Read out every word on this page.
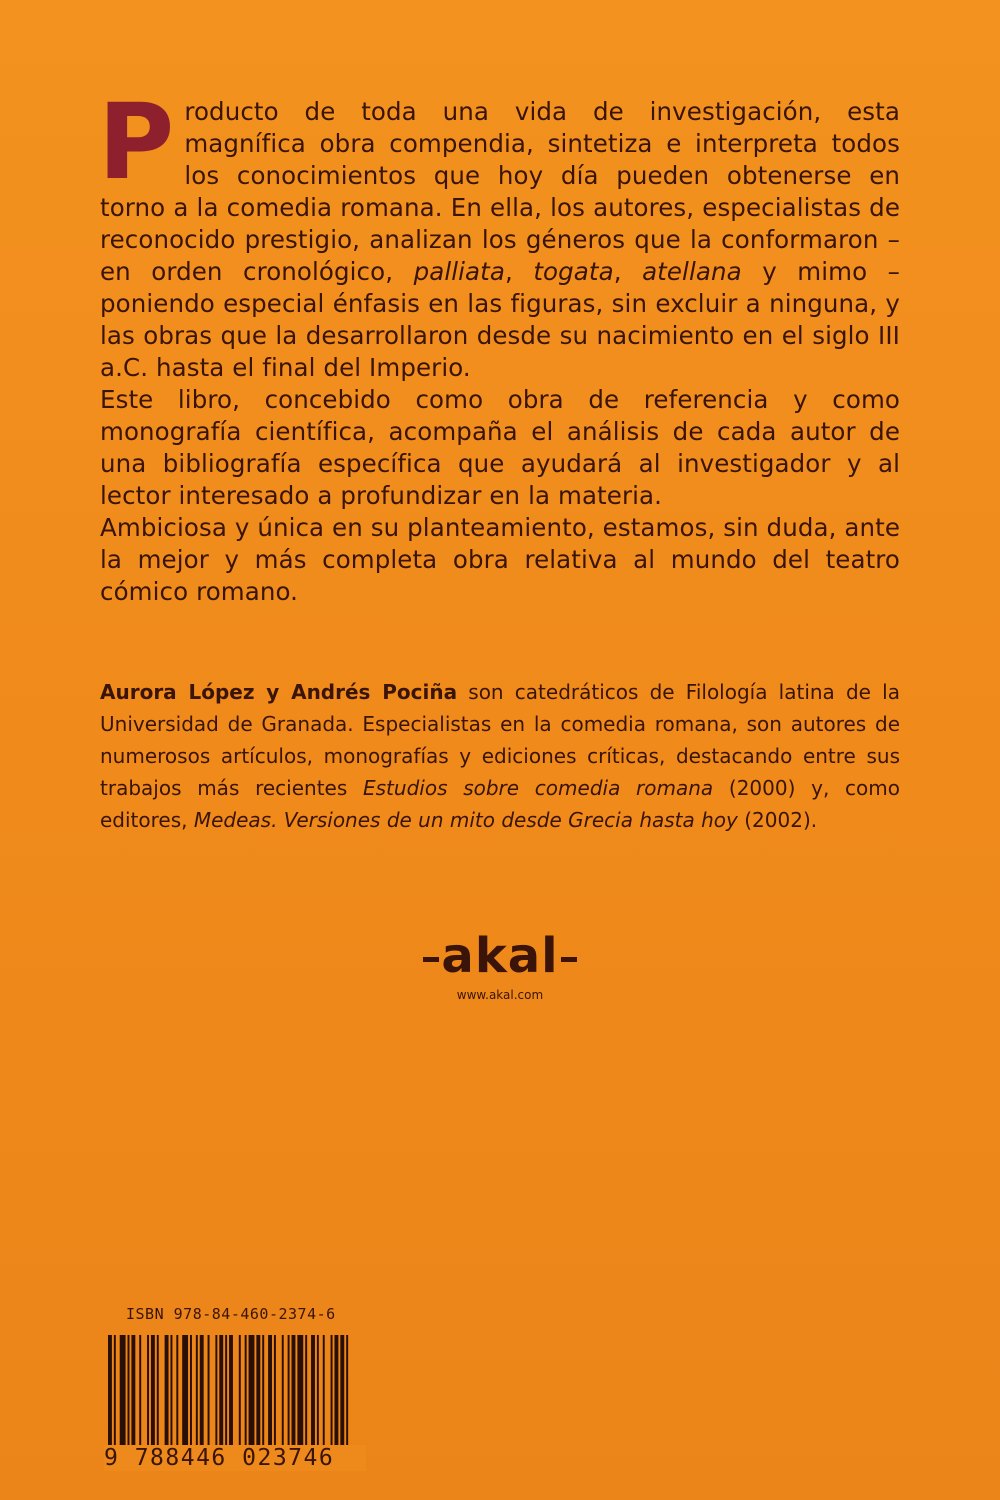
Producto de toda una vida de investigación, esta magnífica obra compendia, sintetiza e interpreta todos los conocimientos que hoy día pueden obtenerse en torno a la comedia romana. En ella, los autores, especialistas de reconocido prestigio, analizan los géneros que la conformaron – en orden cronológico, palliata, togata, atellana y mimo – poniendo especial énfasis en las figuras, sin excluir a ninguna, y las obras que la desarrollaron desde su nacimiento en el siglo III a.C. hasta el final del Imperio.

Este libro, concebido como obra de referencia y como monografía científica, acompaña el análisis de cada autor de una bibliografía específica que ayudará al investigador y al lector interesado a profundizar en la materia.

Ambiciosa y única en su planteamiento, estamos, sin duda, ante la mejor y más completa obra relativa al mundo del teatro cómico romano.

Aurora López y Andrés Pociña son catedráticos de Filología latina de la Universidad de Granada. Especialistas en la comedia romana, son autores de numerosos artículos, monografías y ediciones críticas, destacando entre sus trabajos más recientes Estudios sobre comedia romana (2000) y, como editores, Medeas. Versiones de un mito desde Grecia hasta hoy (2002).

akal
www.akal.com
ISBN 978-84-460-2374-6
9 788446 023746
